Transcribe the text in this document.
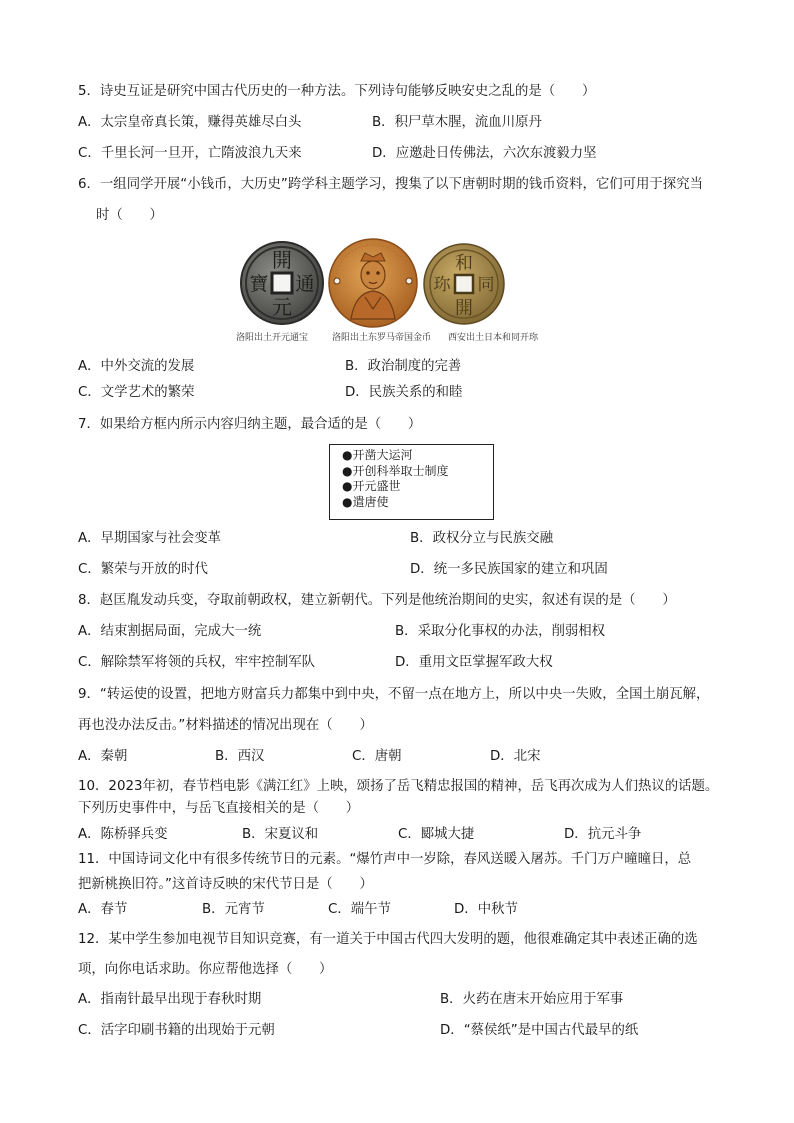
5．诗史互证是研究中国古代历史的一种方法。下列诗句能够反映安史之乱的是（　　）
A．太宗皇帝真长策，赚得英雄尽白头	B．积尸草木腥，流血川原丹
C．千里长河一旦开，亡隋波浪九天来	D．应邀赴日传佛法，六次东渡毅力坚
6．一组同学开展“小钱币，大历史”跨学科主题学习，搜集了以下唐朝时期的钱币资料，它们可用于探究当
时（　　）
開
元
通
寶
和
同
開
珎
洛阳出土开元通宝	洛阳出土东罗马帝国金币 西安出土日本和同开珎
A．中外交流的发展	B．政治制度的完善
C．文学艺术的繁荣	D．民族关系的和睦
7．如果给方框内所示内容归纳主题，最合适的是（　　）
●开凿大运河
●开创科举取士制度
●开元盛世
●遣唐使
A．早期国家与社会变革	B．政权分立与民族交融
C．繁荣与开放的时代	D．统一多民族国家的建立和巩固
8．赵匡胤发动兵变，夺取前朝政权，建立新朝代。下列是他统治期间的史实，叙述有误的是（　　）
A．结束割据局面，完成大一统	B．采取分化事权的办法，削弱相权
C．解除禁军将领的兵权，牢牢控制军队	D．重用文臣掌握军政大权
9．“转运使的设置，把地方财富兵力都集中到中央，不留一点在地方上，所以中央一失败，全国土崩瓦解，
再也没办法反击。”材料描述的情况出现在（　　）
A．秦朝	B．西汉	C．唐朝	D．北宋
10．2023年初，春节档电影《满江红》上映，颂扬了岳飞精忠报国的精神，岳飞再次成为人们热议的话题。
下列历史事件中，与岳飞直接相关的是（　　）
A．陈桥驿兵变	B．宋夏议和	C．郾城大捷	D．抗元斗争
11．中国诗词文化中有很多传统节日的元素。“爆竹声中一岁除，春风送暖入屠苏。千门万户曈曈日，总
把新桃换旧符。”这首诗反映的宋代节日是（　　）
A．春节	B．元宵节	C．端午节	D．中秋节
12．某中学生参加电视节目知识竞赛，有一道关于中国古代四大发明的题，他很难确定其中表述正确的选
项，向你电话求助。你应帮他选择（　　）
A．指南针最早出现于春秋时期	B．火药在唐末开始应用于军事
C．活字印刷书籍的出现始于元朝	D．“蔡侯纸”是中国古代最早的纸
